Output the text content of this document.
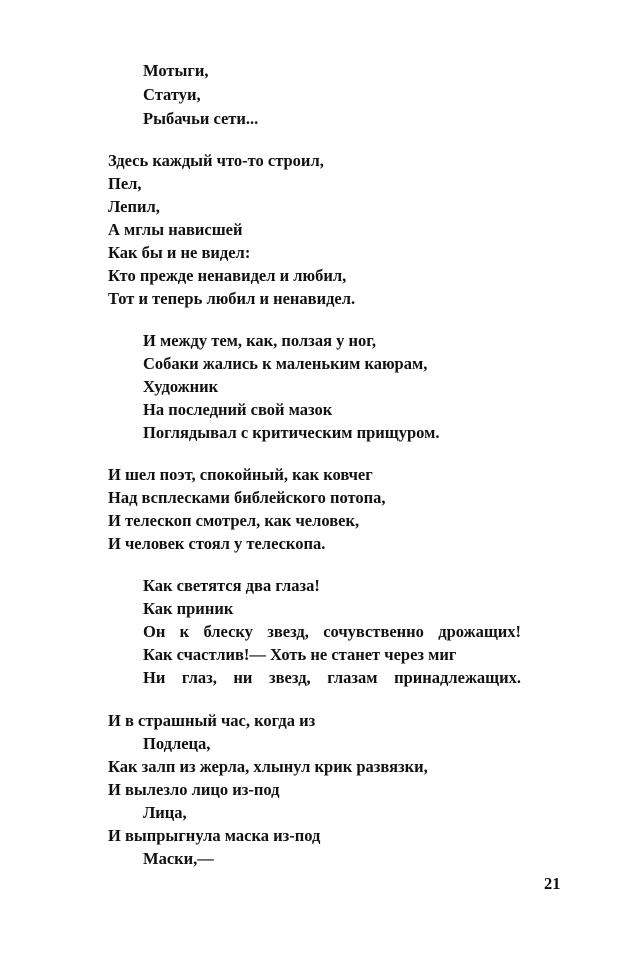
Мотыги,
Статуи,
Рыбачьи сети...
Здесь каждый что-то строил,
Пел,
Лепил,
А мглы нависшей
Как бы и не видел:
Кто прежде ненавидел и любил,
Тот и теперь любил и ненавидел.
И между тем, как, ползая у ног,
Собаки жались к маленьким каюрам,
Художник
На последний свой мазок
Поглядывал с критическим прищуром.
И шел поэт, спокойный, как ковчег
Над всплесками библейского потопа,
И телескоп смотрел, как человек,
И человек стоял у телескопа.
Как светятся два глаза!
Как приник
Он к блеску звезд, сочувственно дрожащих!
Как счастлив!— Хоть не станет через миг
Ни глаз, ни звезд, глазам принадлежащих.
И в страшный час, когда из
Подлеца,
Как залп из жерла, хлынул крик развязки,
И вылезло лицо из-под
Лица,
И выпрыгнула маска из-под
Маски,—
21
